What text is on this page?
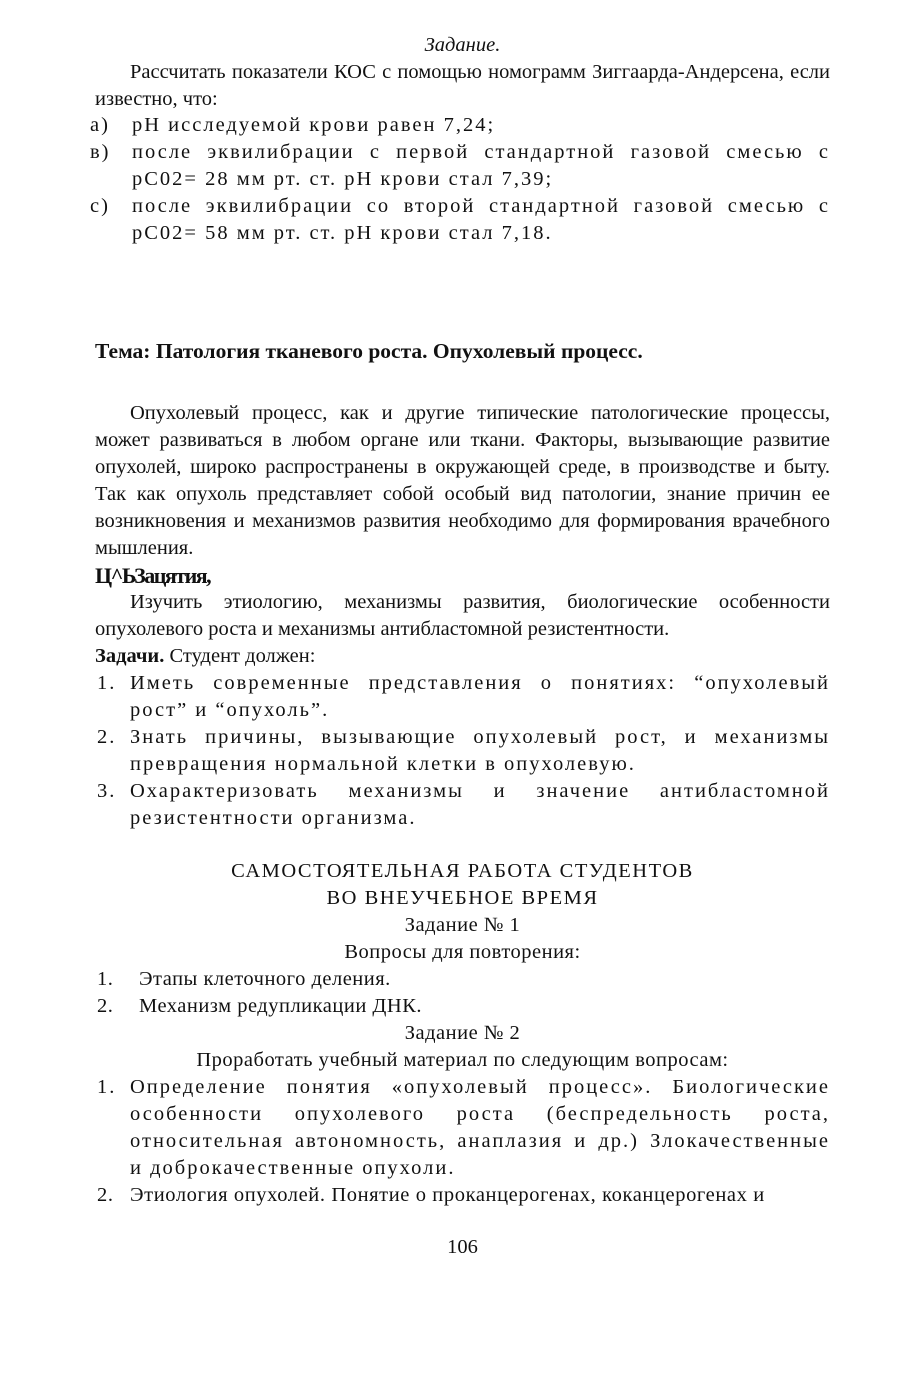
Задание.
Рассчитать показатели КОС с помощью номограмм Зиггаарда-Андерсена, если известно, что:
а) рН исследуемой крови равен 7,24;
в) после эквилибрации с первой стандартной газовой смесью с рС02= 28 мм рт. ст. рН крови стал 7,39;
с) после эквилибрации со второй стандартной газовой смесью с рС02= 58 мм рт. ст. рН крови стал 7,18.
Тема: Патология тканевого роста. Опухолевый процесс.
Опухолевый процесс, как и другие типические патологические процессы, может развиваться в любом органе или ткани. Факторы, вызывающие развитие опухолей, широко распространены в окружающей среде, в производстве и быту. Так как опухоль представляет собой особый вид патологии, знание причин ее возникновения и механизмов развития необходимо для формирования врачебного мышления.
Ц^ЬЗацятия,
Изучить этиологию, механизмы развития, биологические особенности опухолевого роста и механизмы антибластомной резистентности.
Задачи. Студент должен:
1. Иметь современные представления о понятиях: “опухолевый рост” и “опухоль”.
2. Знать причины, вызывающие опухолевый рост, и механизмы превращения нормальной клетки в опухолевую.
3. Охарактеризовать механизмы и значение антибластомной резистентности организма.
САМОСТОЯТЕЛЬНАЯ РАБОТА СТУДЕНТОВ
ВО ВНЕУЧЕБНОЕ ВРЕМЯ
Задание № 1
Вопросы для повторения:
1. Этапы клеточного деления.
2. Механизм редупликации ДНК.
Задание № 2
Проработать учебный материал по следующим вопросам:
1. Определение понятия «опухолевый процесс». Биологические особенности опухолевого роста (беспредельность роста, относительная автономность, анаплазия и др.) Злокачественные и доброкачественные опухоли.
2. Этиология опухолей. Понятие о проканцерогенах, коканцерогенах и
106
